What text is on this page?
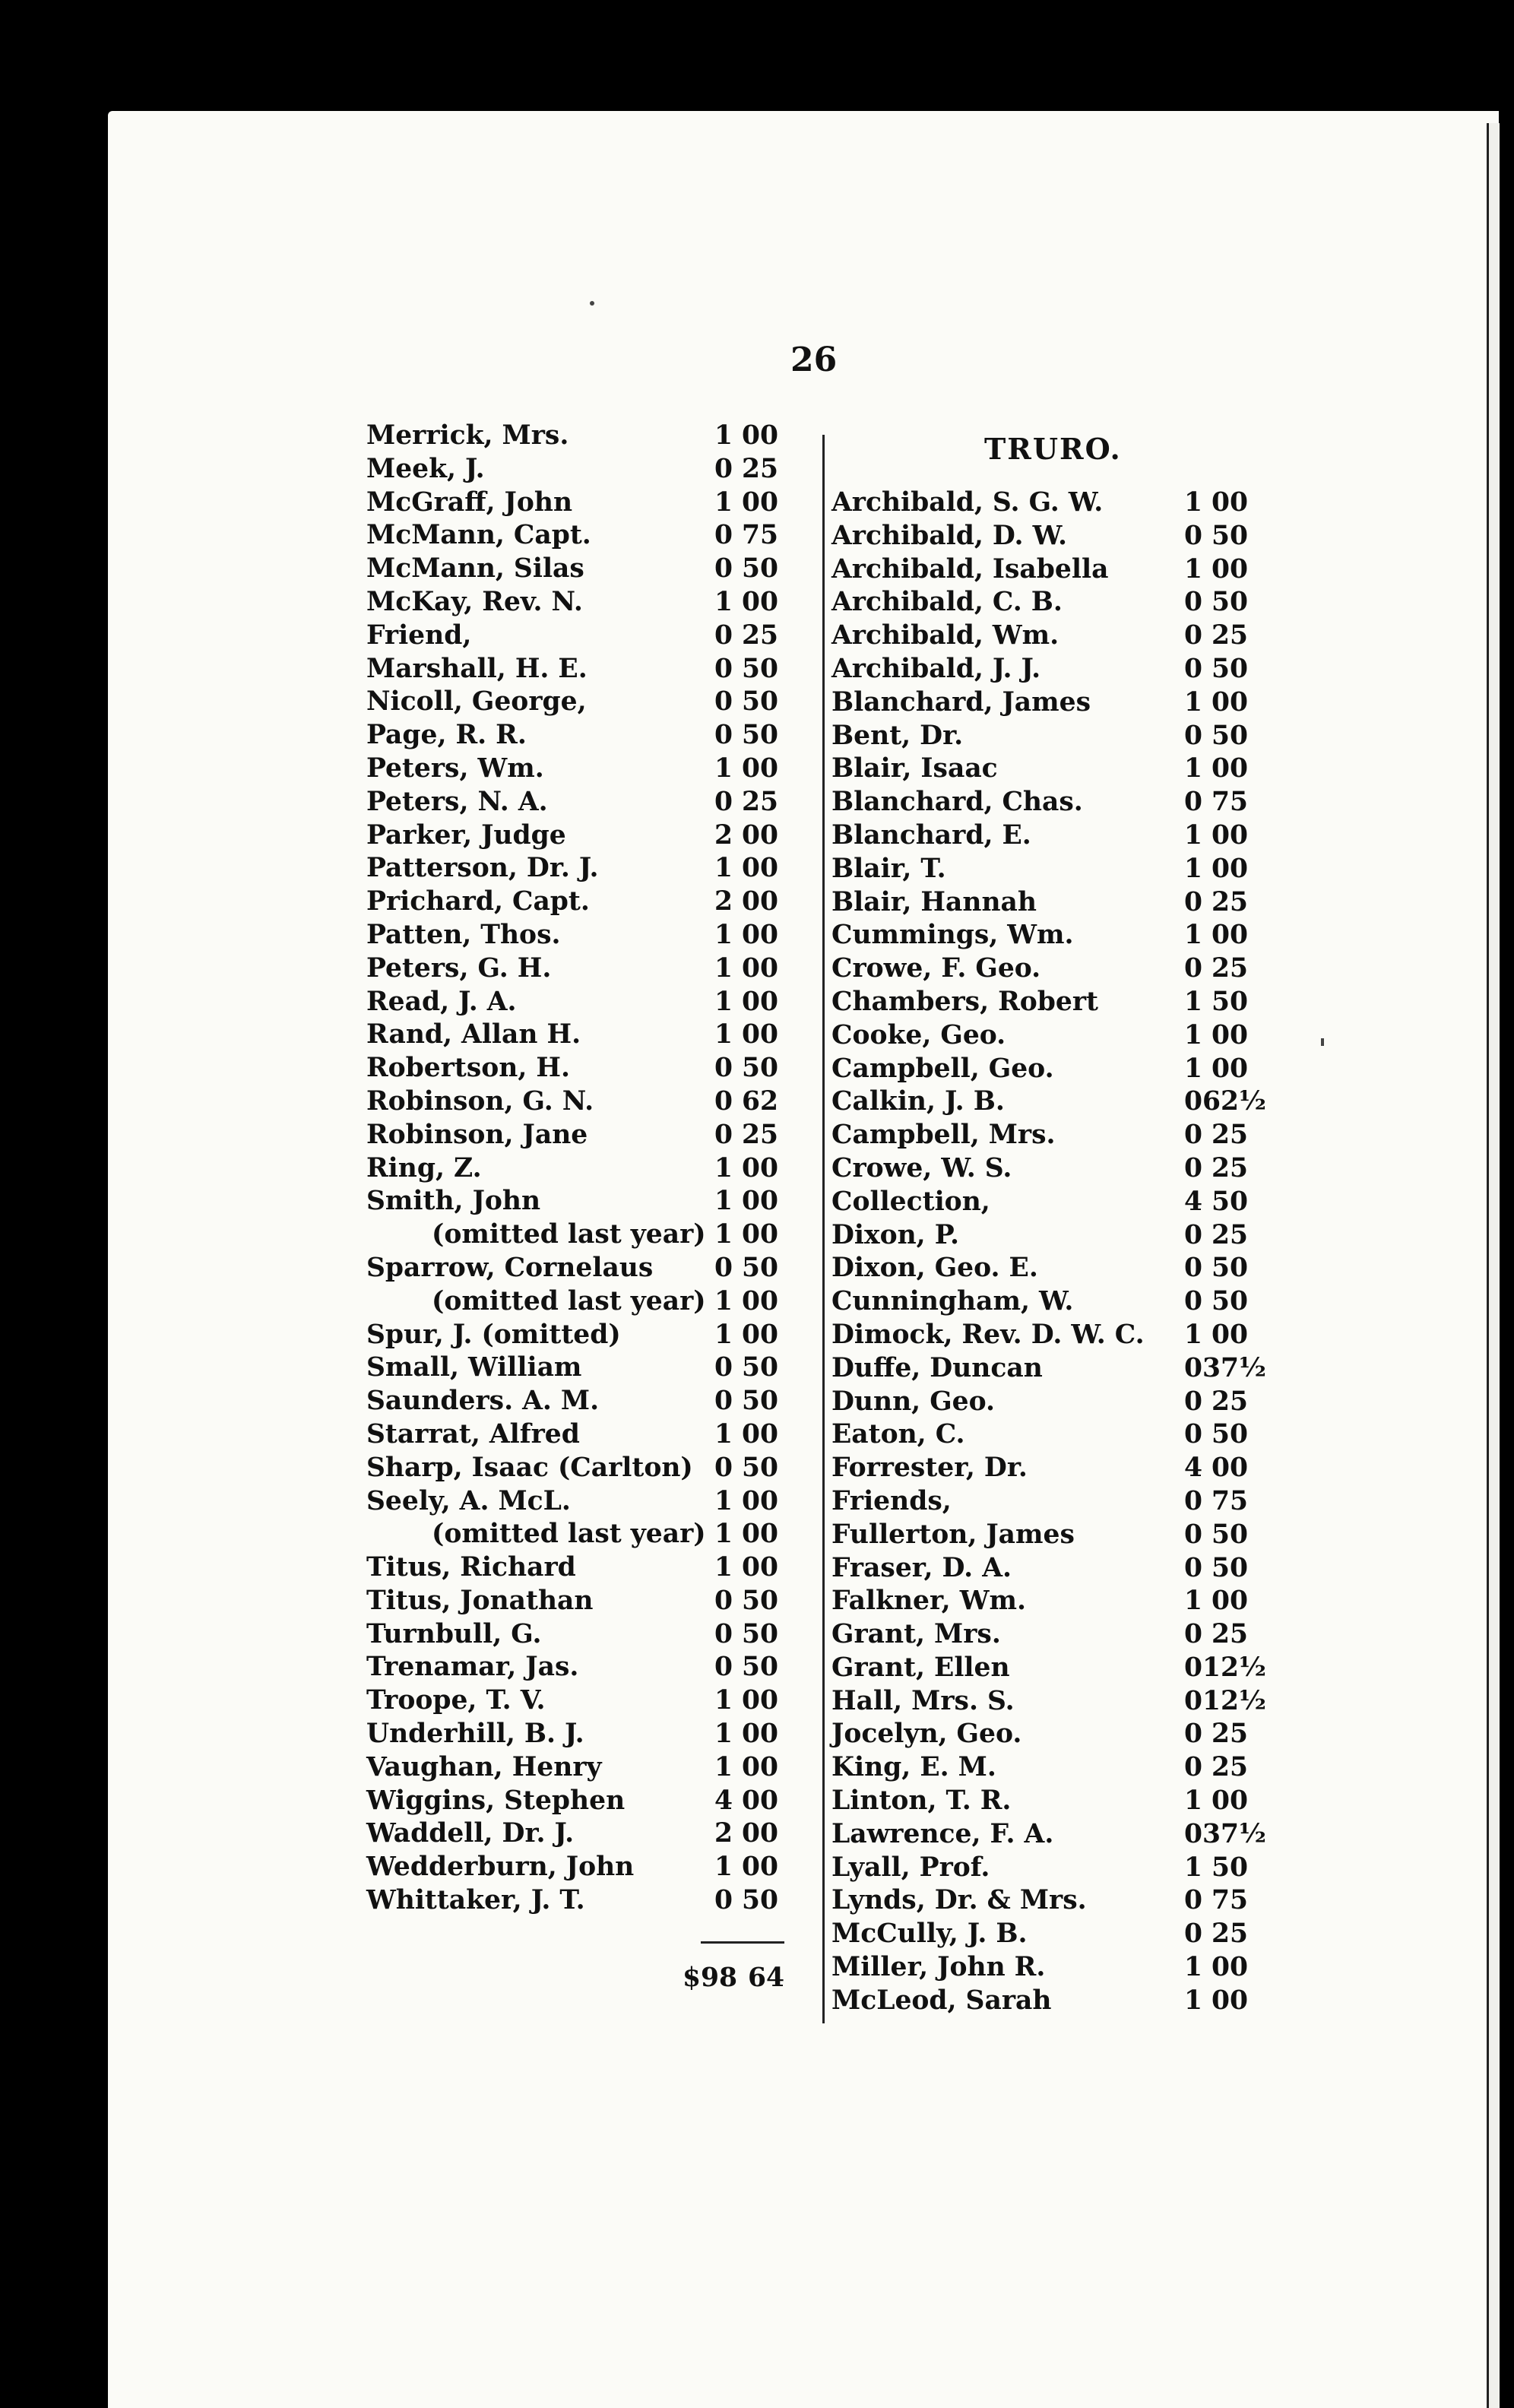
26
Merrick, Mrs.	1 00
Meek, J.	0 25
McGraff, John	1 00
McMann, Capt.	0 75
McMann, Silas	0 50
McKay, Rev. N.	1 00
Friend,	0 25
Marshall, H. E.	0 50
Nicoll, George,	0 50
Page, R. R.	0 50
Peters, Wm.	1 00
Peters, N. A.	0 25
Parker, Judge	2 00
Patterson, Dr. J.	1 00
Prichard, Capt.	2 00
Patten, Thos.	1 00
Peters, G. H.	1 00
Read, J. A.	1 00
Rand, Allan H.	1 00
Robertson, H.	0 50
Robinson, G. N.	0 62
Robinson, Jane	0 25
Ring, Z.	1 00
Smith, John	1 00
(omitted last year) 1 00
Sparrow, Cornelaus 0 50
(omitted last year) 1 00
Spur, J. (omitted)	1 00
Small, William	0 50
Saunders. A. M.	0 50
Starrat, Alfred	1 00
Sharp, Isaac (Carlton) 0 50
Seely, A. McL.	1 00
(omitted last year) 1 00
Titus, Richard	1 00
Titus, Jonathan	0 50
Turnbull, G.	0 50
Trenamar, Jas.	0 50
Troope, T. V.	1 00
Underhill, B. J.	1 00
Vaughan, Henry	1 00
Wiggins, Stephen	4 00
Waddell, Dr. J.	2 00
Wedderburn, John	1 00
Whittaker, J. T.	0 50
$98 64
TRURO.
Archibald, S. G. W.	1 00
Archibald, D. W.	0 50
Archibald, Isabella	1 00
Archibald, C. B.	0 50
Archibald, Wm.	0 25
Archibald, J. J.	0 50
Blanchard, James	1 00
Bent, Dr.	0 50
Blair, Isaac	1 00
Blanchard, Chas.	0 75
Blanchard, E.	1 00
Blair, T.	1 00
Blair, Hannah	0 25
Cummings, Wm.	1 00
Crowe, F. Geo.	0 25
Chambers, Robert	1 50
Cooke, Geo.	1 00
Campbell, Geo.	1 00
Calkin, J. B.	0 62½
Campbell, Mrs.	0 25
Crowe, W. S.	0 25
Collection,	4 50
Dixon, P.	0 25
Dixon, Geo. E.	0 50
Cunningham, W.	0 50
Dimock, Rev. D. W. C. 1 00
Duffe, Duncan	0 37½
Dunn, Geo.	0 25
Eaton, C.	0 50
Forrester, Dr.	4 00
Friends,	0 75
Fullerton, James	0 50
Fraser, D. A.	0 50
Falkner, Wm.	1 00
Grant, Mrs.	0 25
Grant, Ellen	0 12½
Hall, Mrs. S.	0 12½
Jocelyn, Geo.	0 25
King, E. M.	0 25
Linton, T. R.	1 00
Lawrence, F. A.	0 37½
Lyall, Prof.	1 50
Lynds, Dr. & Mrs.	0 75
McCully, J. B.	0 25
Miller, John R.	1 00
McLeod, Sarah	1 00
